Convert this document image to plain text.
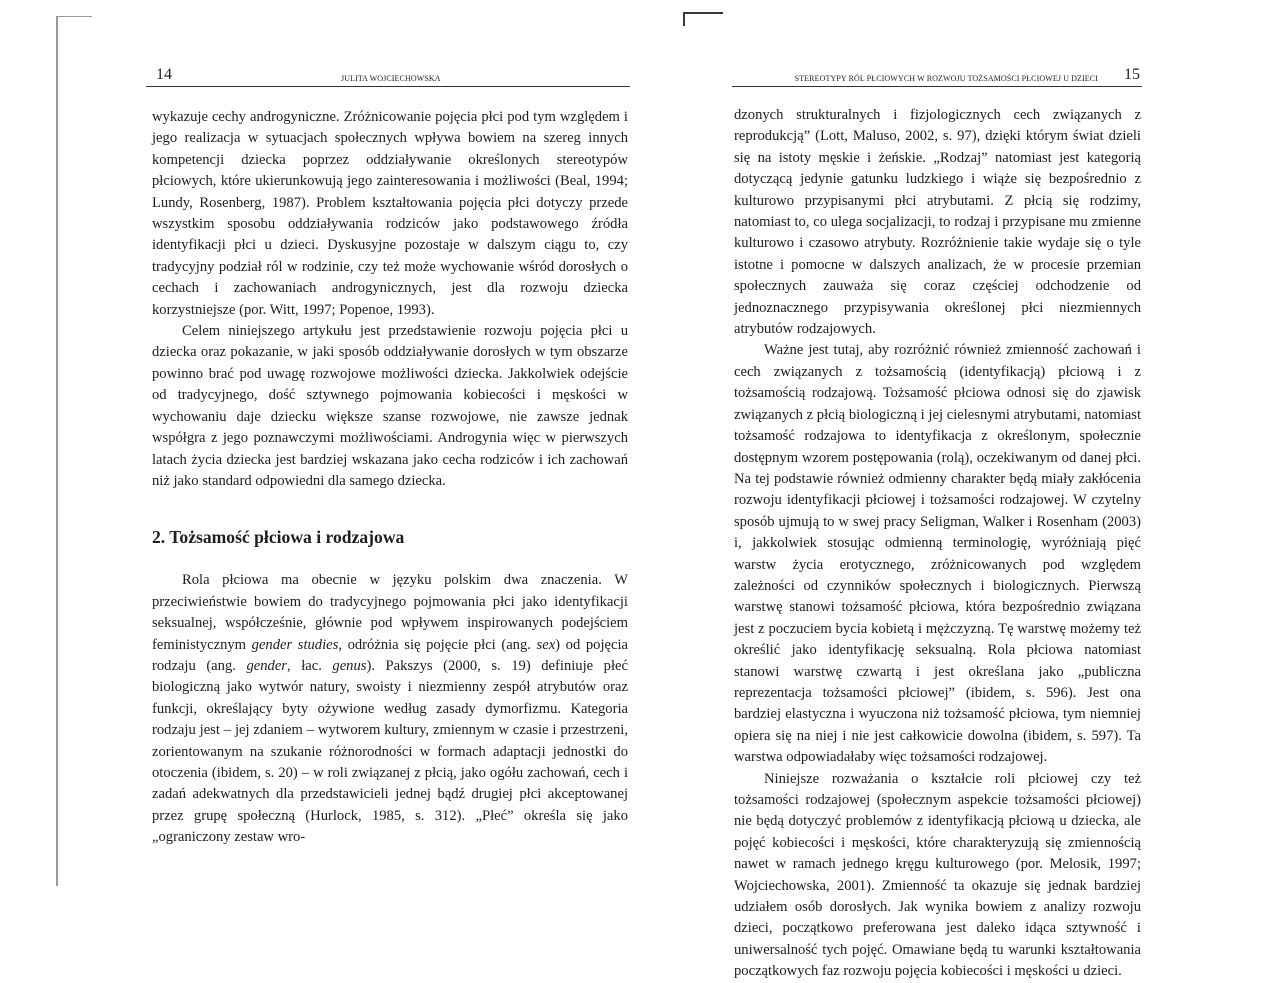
14	JULITA WOJCIECHOWSKA

wykazuje cechy androgyniczne. Zróżnicowanie pojęcia płci pod tym względem i jego realizacja w sytuacjach społecznych wpływa bowiem na szereg innych kompetencji dziecka poprzez oddziaływanie określonych stereotypów płciowych, które ukierunkowują jego zainteresowania i możliwości (Beal, 1994; Lundy, Rosenberg, 1987). Problem kształtowania pojęcia płci dotyczy przede wszystkim sposobu oddziaływania rodziców jako podstawowego źródła identyfikacji płci u dzieci. Dyskusyjne pozostaje w dalszym ciągu to, czy tradycyjny podział ról w rodzinie, czy też może wychowanie wśród dorosłych o cechach i zachowaniach androgynicznych, jest dla rozwoju dziecka korzystniejsze (por. Witt, 1997; Popenoe, 1993).

Celem niniejszego artykułu jest przedstawienie rozwoju pojęcia płci u dziecka oraz pokazanie, w jaki sposób oddziaływanie dorosłych w tym obszarze powinno brać pod uwagę rozwojowe możliwości dziecka. Jakkolwiek odejście od tradycyjnego, dość sztywnego pojmowania kobiecości i męskości w wychowaniu daje dziecku większe szanse rozwojowe, nie zawsze jednak współgra z jego poznawczymi możliwościami. Androgynia więc w pierwszych latach życia dziecka jest bardziej wskazana jako cecha rodziców i ich zachowań niż jako standard odpowiedni dla samego dziecka.

2. Tożsamość płciowa i rodzajowa

Rola płciowa ma obecnie w języku polskim dwa znaczenia. W przeciwieństwie bowiem do tradycyjnego pojmowania płci jako identyfikacji seksualnej, współcześnie, głównie pod wpływem inspirowanych podejściem feministycznym gender studies, odróżnia się pojęcie płci (ang. sex) od pojęcia rodzaju (ang. gender, łac. genus). Pakszys (2000, s. 19) definiuje płeć biologiczną jako wytwór natury, swoisty i niezmienny zespół atrybutów oraz funkcji, określający byty ożywione według zasady dymorfizmu. Kategoria rodzaju jest – jej zdaniem – wytworem kultury, zmiennym w czasie i przestrzeni, zorientowanym na szukanie różnorodności w formach adaptacji jednostki do otoczenia (ibidem, s. 20) – w roli związanej z płcią, jako ogółu zachowań, cech i zadań adekwatnych dla przedstawicieli jednej bądź drugiej płci akceptowanej przez grupę społeczną (Hurlock, 1985, s. 312). „Płeć” określa się jako „ograniczony zestaw wro-

STEREOTYPY RÓL PŁCIOWYCH W ROZWOJU TOŻSAMOŚCI PŁCIOWEJ U DZIECI 15

dzonych strukturalnych i fizjologicznych cech związanych z reprodukcją” (Lott, Maluso, 2002, s. 97), dzięki którym świat dzieli się na istoty męskie i żeńskie. „Rodzaj” natomiast jest kategorią dotyczącą jedynie gatunku ludzkiego i wiąże się bezpośrednio z kulturowo przypisanymi płci atrybutami. Z płcią się rodzimy, natomiast to, co ulega socjalizacji, to rodzaj i przypisane mu zmienne kulturowo i czasowo atrybuty. Rozróżnienie takie wydaje się o tyle istotne i pomocne w dalszych analizach, że w procesie przemian społecznych zauważa się coraz częściej odchodzenie od jednoznacznego przypisywania określonej płci niezmiennych atrybutów rodzajowych.

Ważne jest tutaj, aby rozróżnić również zmienność zachowań i cech związanych z tożsamością (identyfikacją) płciową i z tożsamością rodzajową. Tożsamość płciowa odnosi się do zjawisk związanych z płcią biologiczną i jej cielesnymi atrybutami, natomiast tożsamość rodzajowa to identyfikacja z określonym, społecznie dostępnym wzorem postępowania (rolą), oczekiwanym od danej płci. Na tej podstawie również odmienny charakter będą miały zakłócenia rozwoju identyfikacji płciowej i tożsamości rodzajowej. W czytelny sposób ujmują to w swej pracy Seligman, Walker i Rosenham (2003) i, jakkolwiek stosując odmienną terminologię, wyróżniają pięć warstw życia erotycznego, zróżnicowanych pod względem zależności od czynników społecznych i biologicznych. Pierwszą warstwę stanowi tożsamość płciowa, która bezpośrednio związana jest z poczuciem bycia kobietą i mężczyzną. Tę warstwę możemy też określić jako identyfikację seksualną. Rola płciowa natomiast stanowi warstwę czwartą i jest określana jako „publiczna reprezentacja tożsamości płciowej” (ibidem, s. 596). Jest ona bardziej elastyczna i wyuczona niż tożsamość płciowa, tym niemniej opiera się na niej i nie jest całkowicie dowolna (ibidem, s. 597). Ta warstwa odpowiadałaby więc tożsamości rodzajowej.

Niniejsze rozważania o kształcie roli płciowej czy też tożsamości rodzajowej (społecznym aspekcie tożsamości płciowej) nie będą dotyczyć problemów z identyfikacją płciową u dziecka, ale pojęć kobiecości i męskości, które charakteryzują się zmiennością nawet w ramach jednego kręgu kulturowego (por. Melosik, 1997; Wojciechowska, 2001). Zmienność ta okazuje się jednak bardziej udziałem osób dorosłych. Jak wynika bowiem z analizy rozwoju dzieci, początkowo preferowana jest daleko idąca sztywność i uniwersalność tych pojęć. Omawiane będą tu warunki kształtowania początkowych faz rozwoju pojęcia kobiecości i męskości u dzieci.
